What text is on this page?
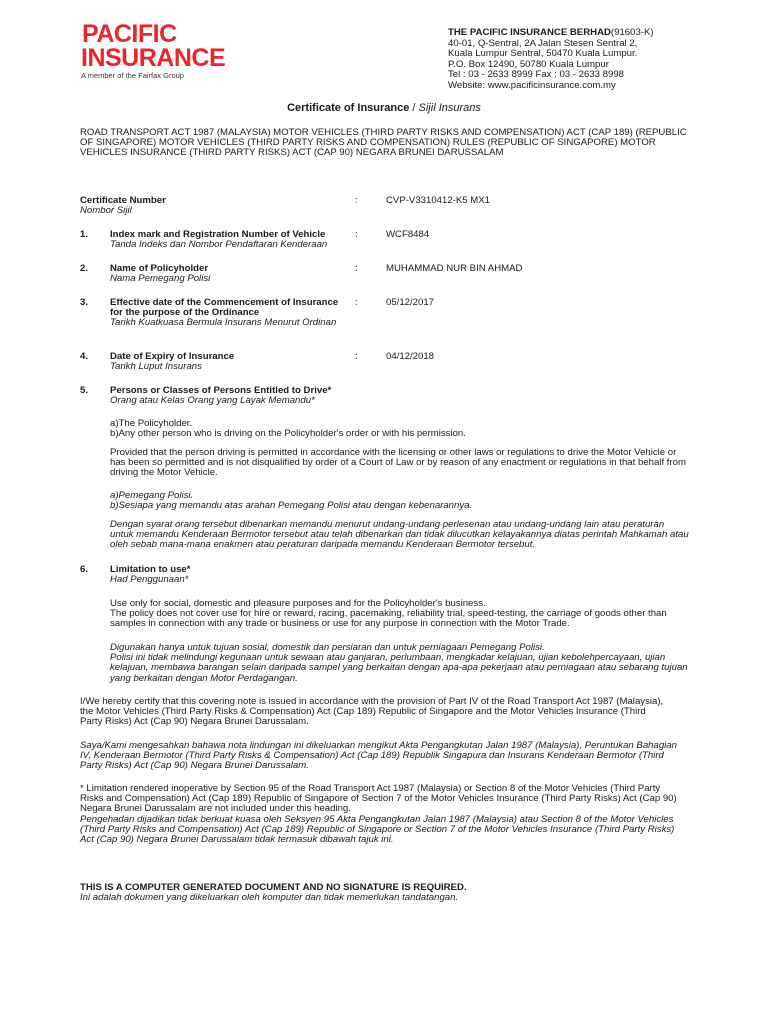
PACIFIC
INSURANCE
A member of the Fairfax Group
THE PACIFIC INSURANCE BERHAD(91603-K)
40-01, Q-Sentral, 2A Jalan Stesen Sentral 2,
Kuala Lumpur Sentral, 50470 Kuala Lumpur.
P.O. Box 12490, 50780 Kuala Lumpur
Tel : 03 - 2633 8999 Fax : 03 - 2633 8998
Website: www.pacificinsurance.com.my
Certificate of Insurance / Sijil Insurans
ROAD TRANSPORT ACT 1987 (MALAYSIA) MOTOR VEHICLES (THIRD PARTY RISKS AND COMPENSATION) ACT (CAP 189) (REPUBLIC OF SINGAPORE) MOTOR VEHICLES (THIRD PARTY RISKS AND COMPENSATION) RULES (REPUBLIC OF SINGAPORE) MOTOR VEHICLES INSURANCE (THIRD PARTY RISKS) ACT (CAP 90) NEGARA BRUNEI DARUSSALAM
Certificate Number
Nombor Sijil
:	CVP-V3310412-K5 MX1
1. Index mark and Registration Number of Vehicle
Tanda Indeks dan Nombor Pendaftaran Kenderaan
:	WCF8484
2. Name of Policyholder
Nama Pemegang Polisi
:	MUHAMMAD NUR BIN AHMAD
3. Effective date of the Commencement of Insurance for the purpose of the Ordinance
Tarikh Kuatkuasa Bermula Insurans Menurut Ordinan
:	05/12/2017
4. Date of Expiry of Insurance
Tarikh Luput Insurans
:	04/12/2018
5. Persons or Classes of Persons Entitled to Drive*
Orang atau Kelas Orang yang Layak Memandu*
a)The Policyholder.
b)Any other person who is driving on the Policyholder's order or with his permission.
Provided that the person driving is permitted in accordance with the licensing or other laws or regulations to drive the Motor Vehicle or has been so permitted and is not disqualified by order of a Court of Law or by reason of any enactment or regulations in that behalf from driving the Motor Vehicle.
a)Pemegang Polisi.
b)Sesiapa yang memandu atas arahan Pemegang Polisi atau dengan kebenarannya.
Dengan syarat orang tersebut dibenarkan memandu menurut undang-undang perlesenan atau undang-undang lain atau peraturan untuk memandu Kenderaan Bermotor tersebut atau telah dibenarkan dan tidak dilucutkan kelayakannya diatas perintah Mahkamah atau oleh sebab mana-mana enakmen atau peraturan daripada memandu Kenderaan Bermotor tersebut.
6. Limitation to use*
Had Penggunaan*
Use only for social, domestic and pleasure purposes and for the Policyholder's business.
The policy does not cover use for hire or reward, racing, pacemaking, reliability trial, speed-testing, the carriage of goods other than samples in connection with any trade or business or use for any purpose in connection with the Motor Trade.
Digunakan hanya untuk tujuan sosial, domestik dan persiaran dan untuk perniagaan Pemegang Polisi.
Polisi ini tidak melindungi kegunaan untuk sewaan atau ganjaran, perlumbaan, mengkadar kelajuan, ujian kebolehpercayaan, ujian kelajuan, membawa barangan selain daripada sampel yang berkaitan dengan apa-apa pekerjaan atau perniagaan atau sebarang tujuan yang berkaitan dengan Motor Perdagangan.
I/We hereby certify that this covering note is issued in accordance with the provision of Part IV of the Road Transport Act 1987 (Malaysia), the Motor Vehicles (Third Party Risks & Compensation) Act (Cap 189) Republic of Singapore and the Motor Vehicles Insurance (Third Party Risks) Act (Cap 90) Negara Brunei Darussalam.
Saya/Kami mengesahkan bahawa nota lindungan ini dikeluarkan mengikut Akta Pengangkutan Jalan 1987 (Malaysia), Peruntukan Bahagian IV, Kenderaan Bermotor (Third Party Risks & Compensation) Act (Cap 189) Republik Singapura dan Insurans Kenderaan Bermotor (Third Party Risks) Act (Cap 90) Negara Brunei Darussalam.
* Limitation rendered inoperative by Section 95 of the Road Transport Act 1987 (Malaysia) or Section 8 of the Motor Vehicles (Third Party Risks and Compensation) Act (Cap 189) Republic of Singapore of Section 7 of the Motor Vehicles Insurance (Third Party Risks) Act (Cap 90) Negara Brunei Darussalam are not included under this heading.
Pengehadan dijadikan tidak berkuat kuasa oleh Seksyen 95 Akta Pengangkutan Jalan 1987 (Malaysia) atau Section 8 of the Motor Vehicles (Third Party Risks and Compensation) Act (Cap 189) Republic of Singapore or Section 7 of the Motor Vehicles Insurance (Third Party Risks) Act (Cap 90) Negara Brunei Darussalam tidak termasuk dibawah tajuk ini.
THIS IS A COMPUTER GENERATED DOCUMENT AND NO SIGNATURE IS REQUIRED.
Ini adalah dokumen yang dikeluarkan oleh komputer dan tidak memerlukan tandatangan.
